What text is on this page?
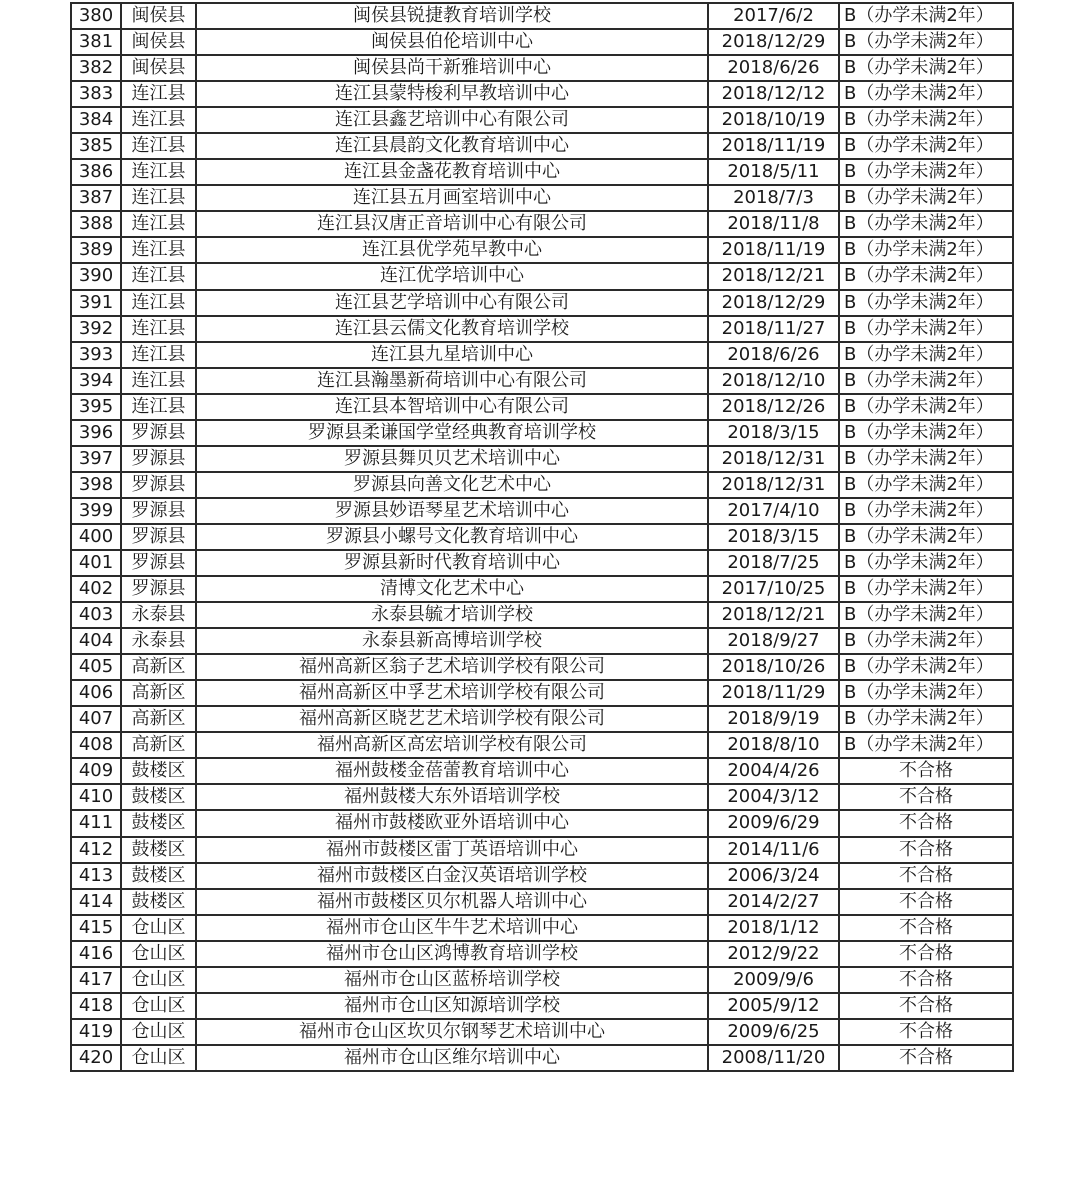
380	闽侯县	闽侯县锐捷教育培训学校	2017/6/2	B（办学未满2年）
381	闽侯县	闽侯县伯伦培训中心	2018/12/29	B（办学未满2年）
382	闽侯县	闽侯县尚干新雅培训中心	2018/6/26	B（办学未满2年）
383	连江县	连江县蒙特梭利早教培训中心	2018/12/12	B（办学未满2年）
384	连江县	连江县鑫艺培训中心有限公司	2018/10/19	B（办学未满2年）
385	连江县	连江县晨韵文化教育培训中心	2018/11/19	B（办学未满2年）
386	连江县	连江县金盏花教育培训中心	2018/5/11	B（办学未满2年）
387	连江县	连江县五月画室培训中心	2018/7/3	B（办学未满2年）
388	连江县	连江县汉唐正音培训中心有限公司	2018/11/8	B（办学未满2年）
389	连江县	连江县优学苑早教中心	2018/11/19	B（办学未满2年）
390	连江县	连江优学培训中心	2018/12/21	B（办学未满2年）
391	连江县	连江县艺学培训中心有限公司	2018/12/29	B（办学未满2年）
392	连江县	连江县云儒文化教育培训学校	2018/11/27	B（办学未满2年）
393	连江县	连江县九星培训中心	2018/6/26	B（办学未满2年）
394	连江县	连江县瀚墨新荷培训中心有限公司	2018/12/10	B（办学未满2年）
395	连江县	连江县本智培训中心有限公司	2018/12/26	B（办学未满2年）
396	罗源县	罗源县柔谦国学堂经典教育培训学校	2018/3/15	B（办学未满2年）
397	罗源县	罗源县舞贝贝艺术培训中心	2018/12/31	B（办学未满2年）
398	罗源县	罗源县向善文化艺术中心	2018/12/31	B（办学未满2年）
399	罗源县	罗源县妙语琴星艺术培训中心	2017/4/10	B（办学未满2年）
400	罗源县	罗源县小螺号文化教育培训中心	2018/3/15	B（办学未满2年）
401	罗源县	罗源县新时代教育培训中心	2018/7/25	B（办学未满2年）
402	罗源县	清博文化艺术中心	2017/10/25	B（办学未满2年）
403	永泰县	永泰县毓才培训学校	2018/12/21	B（办学未满2年）
404	永泰县	永泰县新高博培训学校	2018/9/27	B（办学未满2年）
405	高新区	福州高新区翁子艺术培训学校有限公司	2018/10/26	B（办学未满2年）
406	高新区	福州高新区中孚艺术培训学校有限公司	2018/11/29	B（办学未满2年）
407	高新区	福州高新区晓艺艺术培训学校有限公司	2018/9/19	B（办学未满2年）
408	高新区	福州高新区高宏培训学校有限公司	2018/8/10	B（办学未满2年）
409	鼓楼区	福州鼓楼金蓓蕾教育培训中心	2004/4/26	不合格
410	鼓楼区	福州鼓楼大东外语培训学校	2004/3/12	不合格
411	鼓楼区	福州市鼓楼欧亚外语培训中心	2009/6/29	不合格
412	鼓楼区	福州市鼓楼区雷丁英语培训中心	2014/11/6	不合格
413	鼓楼区	福州市鼓楼区白金汉英语培训学校	2006/3/24	不合格
414	鼓楼区	福州市鼓楼区贝尔机器人培训中心	2014/2/27	不合格
415	仓山区	福州市仓山区牛牛艺术培训中心	2018/1/12	不合格
416	仓山区	福州市仓山区鸿博教育培训学校	2012/9/22	不合格
417	仓山区	福州市仓山区蓝桥培训学校	2009/9/6	不合格
418	仓山区	福州市仓山区知源培训学校	2005/9/12	不合格
419	仓山区	福州市仓山区坎贝尔钢琴艺术培训中心	2009/6/25	不合格
420	仓山区	福州市仓山区维尔培训中心	2008/11/20	不合格
